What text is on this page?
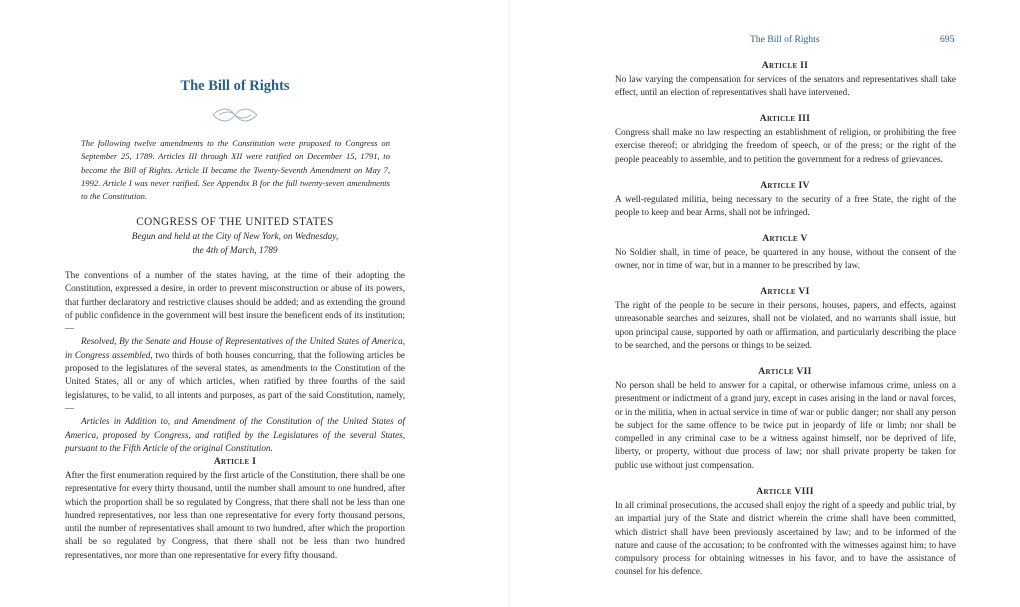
The Bill of Rights
The following twelve amendments to the Constitution were proposed to Congress on September 25, 1789. Articles III through XII were ratified on December 15, 1791, to become the Bill of Rights. Article II became the Twenty-Seventh Amendment on May 7, 1992. Article I was never ratified. See Appendix B for the full twenty-seven amendments to the Constitution.
CONGRESS OF THE UNITED STATES
Begun and held at the City of New York, on Wednesday,
the 4th of March, 1789

The conventions of a number of the states having, at the time of their adopting the Constitution, expressed a desire, in order to prevent misconstruction or abuse of its powers, that further declaratory and restrictive clauses should be added; and as extending the ground of public confidence in the government will best insure the beneficent ends of its institution;—

Resolved, By the Senate and House of Representatives of the United States of America, in Congress assembled, two thirds of both houses concurring, that the following articles be proposed to the legislatures of the several states, as amendments to the Constitution of the United States, all or any of which articles, when ratified by three fourths of the said legislatures, to be valid, to all intents and purposes, as part of the said Constitution, namely,—

Articles in Addition to, and Amendment of the Constitution of the United States of America, proposed by Congress, and ratified by the Legislatures of the several States, pursuant to the Fifth Article of the original Constitution.

Article I
After the first enumeration required by the first article of the Constitution, there shall be one representative for every thirty thousand, until the number shall amount to one hundred, after which the proportion shall be so regulated by Congress, that there shall not be less than one hundred representatives, nor less than one representative for every forty thousand persons, until the number of representatives shall amount to two hundred, after which the proportion shall be so regulated by Congress, that there shall not be less than two hundred representatives, nor more than one representative for every fifty thousand.
The Bill of Rights	695
Article II
No law varying the compensation for services of the senators and representatives shall take effect, until an election of representatives shall have intervened.
Article III
Congress shall make no law respecting an establishment of religion, or prohibiting the free exercise thereof; or abridging the freedom of speech, or of the press; or the right of the people peaceably to assemble, and to petition the government for a redress of grievances.
Article IV
A well-regulated militia, being necessary to the security of a free State, the right of the people to keep and bear Arms, shall not be infringed.
Article V
No Soldier shall, in time of peace, be quartered in any house, without the consent of the owner, nor in time of war, but in a manner to be prescribed by law.
Article VI
The right of the people to be secure in their persons, houses, papers, and effects, against unreasonable searches and seizures, shall not be violated, and no warrants shall issue, but upon principal cause, supported by oath or affirmation, and particularly describing the place to be searched, and the persons or things to be seized.
Article VII
No person shall be held to answer for a capital, or otherwise infamous crime, unless on a presentment or indictment of a grand jury, except in cases arising in the land or naval forces, or in the militia, when in actual service in time of war or public danger; nor shall any person be subject for the same offence to be twice put in jeopardy of life or limb; nor shall be compelled in any criminal case to be a witness against himself, nor be deprived of life, liberty, or property, without due process of law; nor shall private property be taken for public use without just compensation.
Article VIII
In all criminal prosecutions, the accused shall enjoy the right of a speedy and public trial, by an impartial jury of the State and district wherein the crime shall have been committed, which district shall have been previously ascertained by law; and to be informed of the nature and cause of the accusation; to be confronted with the witnesses against him; to have compulsory process for obtaining witnesses in his favor, and to have the assistance of counsel for his defence.
